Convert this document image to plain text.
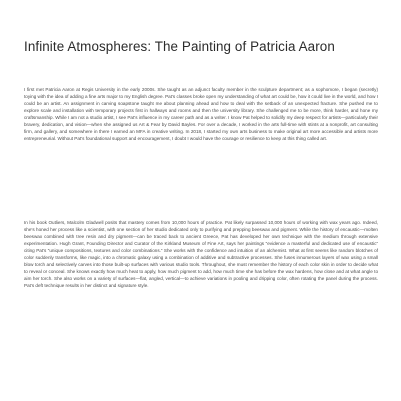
Infinite Atmospheres: The Painting of Patricia Aaron

I first met Patricia Aaron at Regis University in the early 2000s. She taught as an adjunct faculty member in the sculpture department; as a sophomore, I began (secretly) toying with the idea of adding a fine arts major to my English degree. Pat’s classes broke open my understanding of what art could be, how it could live in the world, and how I could be an artist. An assignment in carving soapstone taught me about planning ahead and how to deal with the setback of an unexpected fracture. She pushed me to explore scale and installation with temporary projects first in hallways and rooms and then the university library. She challenged me to be more, think harder, and hone my craftsmanship. While I am not a studio artist, I see Pat’s influence in my career path and as a writer. I know Pat helped to solidify my deep respect for artists—particularly their bravery, dedication, and vision—when she assigned us Art & Fear by David Bayles. For over a decade, I worked in the arts full-time with stints at a nonprofit, art consulting firm, and gallery, and somewhere in there I earned an MFA in creative writing. In 2018, I started my own arts business to make original art more accessible and artists more entrepreneurial. Without Pat’s foundational support and encouragement, I doubt I would have the courage or resilience to keep at this thing called art.

In his book Outliers, Malcolm Gladwell posits that mastery comes from 10,000 hours of practice. Pat likely surpassed 10,000 hours of working with wax years ago. Indeed, she’s honed her process like a scientist, with one section of her studio dedicated only to purifying and prepping beeswax and pigment. While the history of encaustic—molten beeswax combined with tree resin and dry pigment—can be traced back to ancient Greece, Pat has developed her own technique with the medium through extensive experimentation. Hugh Grant, Founding Director and Curator of the Kirkland Museum of Fine Art, says her paintings “evidence a masterful and dedicated use of encaustic” citing Pat’s “unique compositions, textures and color combinations.” She works with the confidence and intuition of an alchemist. What at first seems like random blotches of color suddenly transforms, like magic, into a chromatic galaxy using a combination of additive and subtractive processes. She fuses innumerous layers of wax using a small blow torch and selectively carves into those built-up surfaces with various studio tools. Throughout, she must remember the history of each color skin in order to decide what to reveal or conceal. She knows exactly how much heat to apply, how much pigment to add, how much time she has before the wax hardens, how close and at what angle to aim her torch. She also works on a variety of surfaces—flat, angled, vertical—to achieve variations in pooling and dripping color, often rotating the panel during the process. Pat’s deft technique results in her distinct and signature style.
